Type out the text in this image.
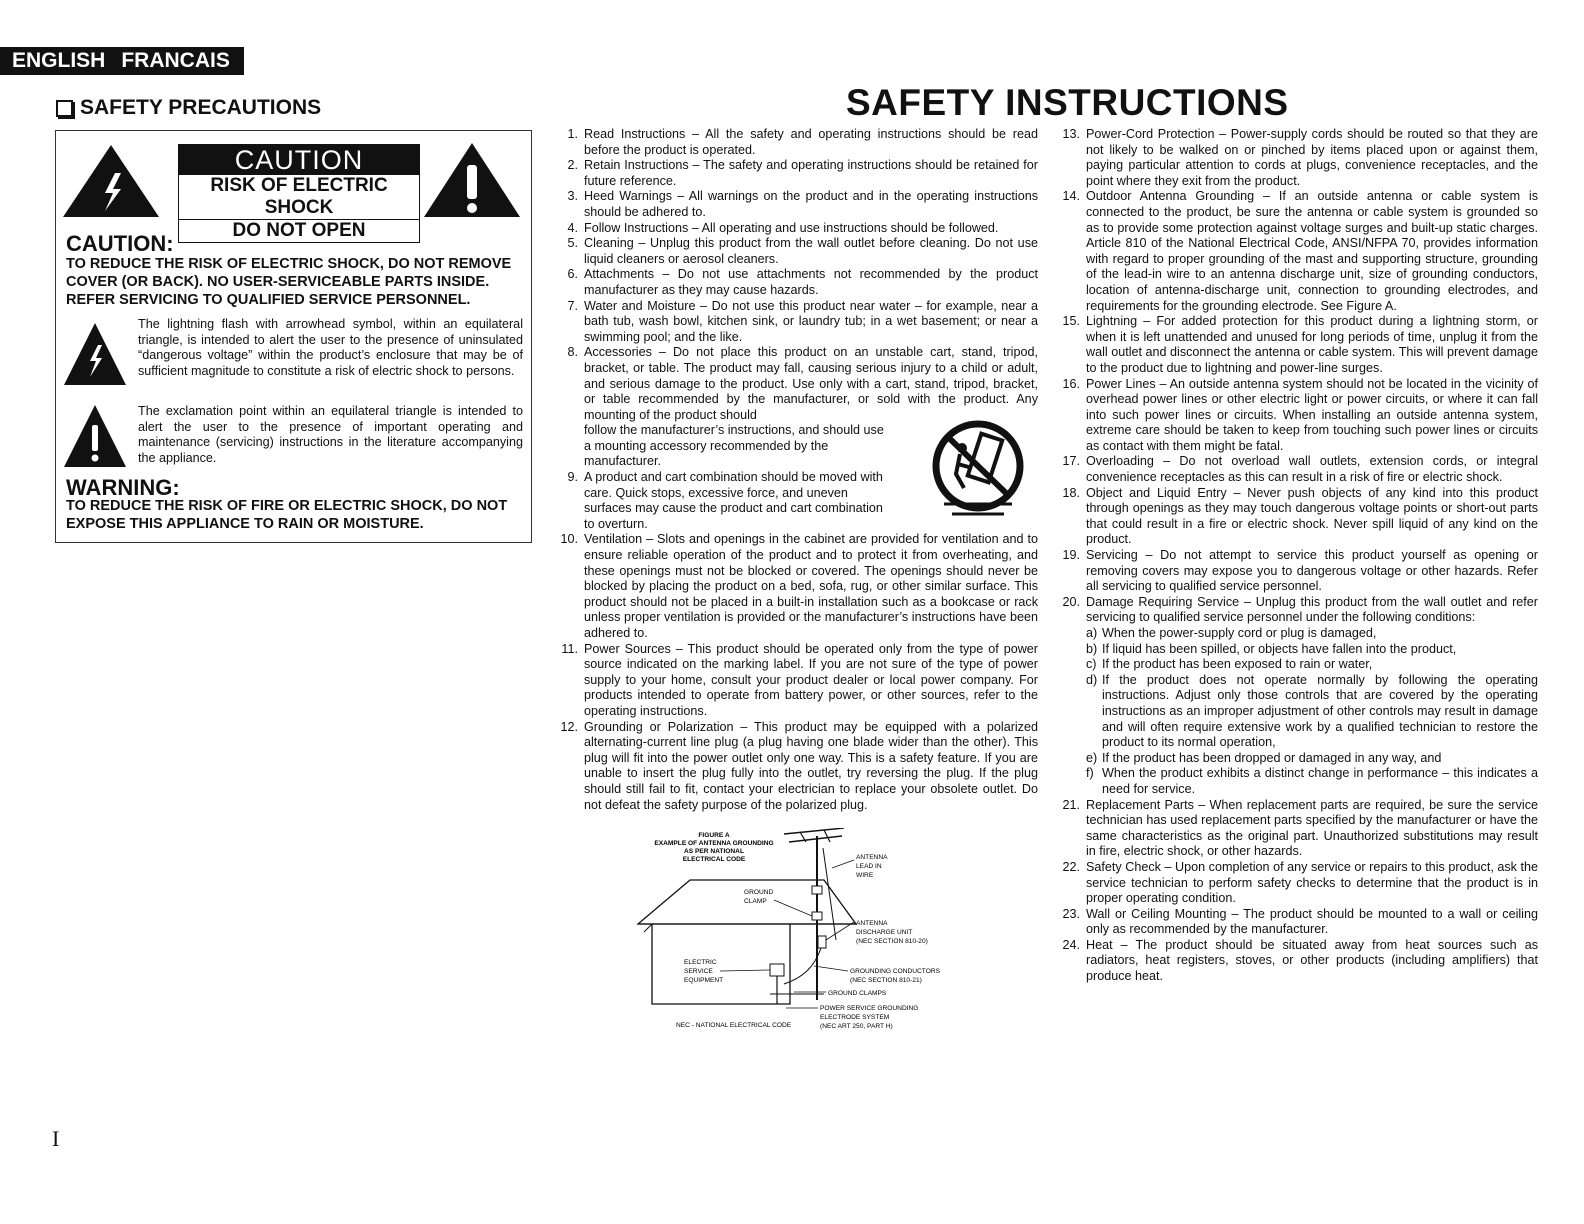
ENGLISH FRANCAIS
SAFETY PRECAUTIONS	SAFETY INSTRUCTIONS
CAUTION
RISK OF ELECTRIC SHOCK
DO NOT OPEN
CAUTION:
TO REDUCE THE RISK OF ELECTRIC SHOCK, DO NOT REMOVE COVER (OR BACK). NO USER-SERVICEABLE PARTS INSIDE. REFER SERVICING TO QUALIFIED SERVICE PERSONNEL.
The lightning flash with arrowhead symbol, within an equilateral triangle, is intended to alert the user to the presence of uninsulated “dangerous voltage” within the product’s enclosure that may be of sufficient magnitude to constitute a risk of electric shock to persons.
The exclamation point within an equilateral triangle is intended to alert the user to the presence of important operating and maintenance (servicing) instructions in the literature accompanying the appliance.
WARNING:
TO REDUCE THE RISK OF FIRE OR ELECTRIC SHOCK, DO NOT EXPOSE THIS APPLIANCE TO RAIN OR MOISTURE.
1. Read Instructions – All the safety and operating instructions should be read before the product is operated.
2. Retain Instructions – The safety and operating instructions should be retained for future reference.
3. Heed Warnings – All warnings on the product and in the operating instructions should be adhered to.
4. Follow Instructions – All operating and use instructions should be followed.
5. Cleaning – Unplug this product from the wall outlet before cleaning. Do not use liquid cleaners or aerosol cleaners.
6. Attachments – Do not use attachments not recommended by the product manufacturer as they may cause hazards.
7. Water and Moisture – Do not use this product near water – for example, near a bath tub, wash bowl, kitchen sink, or laundry tub; in a wet basement; or near a swimming pool; and the like.
8. Accessories – Do not place this product on an unstable cart, stand, tripod, bracket, or table. The product may fall, causing serious injury to a child or adult, and serious damage to the product. Use only with a cart, stand, tripod, bracket, or table recommended by the manufacturer, or sold with the product. Any mounting of the product should
follow the manufacturer’s instructions, and should use a mounting accessory recommended by the manufacturer.
9. A product and cart combination should be moved with care. Quick stops, excessive force, and uneven surfaces may cause the product and cart combination to overturn.
10. Ventilation – Slots and openings in the cabinet are provided for ventilation and to ensure reliable operation of the product and to protect it from overheating, and these openings must not be blocked or covered. The openings should never be blocked by placing the product on a bed, sofa, rug, or other similar surface. This product should not be placed in a built-in installation such as a bookcase or rack unless proper ventilation is provided or the manufacturer’s instructions have been adhered to.
11. Power Sources – This product should be operated only from the type of power source indicated on the marking label. If you are not sure of the type of power supply to your home, consult your product dealer or local power company. For products intended to operate from battery power, or other sources, refer to the operating instructions.
12. Grounding or Polarization – This product may be equipped with a polarized alternating-current line plug (a plug having one blade wider than the other). This plug will fit into the power outlet only one way. This is a safety feature. If you are unable to insert the plug fully into the outlet, try reversing the plug. If the plug should still fail to fit, contact your electrician to replace your obsolete outlet. Do not defeat the safety purpose of the polarized plug.
FIGURE A
EXAMPLE OF ANTENNA GROUNDING
AS PER NATIONAL
ELECTRICAL CODE	ANTENNA
LEAD IN
WIRE
GROUND
CLAMP
ANTENNA
DISCHARGE UNIT
(NEC SECTION 810-20)
ELECTRIC
SERVICE
EQUIPMENT
GROUNDING CONDUCTORS
(NEC SECTION 810-21)
GROUND CLAMPS
POWER SERVICE GROUNDING
ELECTRODE SYSTEM
(NEC ART 250, PART H)
NEC - NATIONAL ELECTRICAL CODE
13. Power-Cord Protection – Power-supply cords should be routed so that they are not likely to be walked on or pinched by items placed upon or against them, paying particular attention to cords at plugs, convenience receptacles, and the point where they exit from the product.
14. Outdoor Antenna Grounding – If an outside antenna or cable system is connected to the product, be sure the antenna or cable system is grounded so as to provide some protection against voltage surges and built-up static charges. Article 810 of the National Electrical Code, ANSI/NFPA 70, provides information with regard to proper grounding of the mast and supporting structure, grounding of the lead-in wire to an antenna discharge unit, size of grounding conductors, location of antenna-discharge unit, connection to grounding electrodes, and requirements for the grounding electrode. See Figure A.
15. Lightning – For added protection for this product during a lightning storm, or when it is left unattended and unused for long periods of time, unplug it from the wall outlet and disconnect the antenna or cable system. This will prevent damage to the product due to lightning and power-line surges.
16. Power Lines – An outside antenna system should not be located in the vicinity of overhead power lines or other electric light or power circuits, or where it can fall into such power lines or circuits. When installing an outside antenna system, extreme care should be taken to keep from touching such power lines or circuits as contact with them might be fatal.
17. Overloading – Do not overload wall outlets, extension cords, or integral convenience receptacles as this can result in a risk of fire or electric shock.
18. Object and Liquid Entry – Never push objects of any kind into this product through openings as they may touch dangerous voltage points or short-out parts that could result in a fire or electric shock. Never spill liquid of any kind on the product.
19. Servicing – Do not attempt to service this product yourself as opening or removing covers may expose you to dangerous voltage or other hazards. Refer all servicing to qualified service personnel.
20. Damage Requiring Service – Unplug this product from the wall outlet and refer servicing to qualified service personnel under the following conditions:
a) When the power-supply cord or plug is damaged,
b) If liquid has been spilled, or objects have fallen into the product,
c) If the product has been exposed to rain or water,
d) If the product does not operate normally by following the operating instructions. Adjust only those controls that are covered by the operating instructions as an improper adjustment of other controls may result in damage and will often require extensive work by a qualified technician to restore the product to its normal operation,
e) If the product has been dropped or damaged in any way, and
f) When the product exhibits a distinct change in performance – this indicates a need for service.
21. Replacement Parts – When replacement parts are required, be sure the service technician has used replacement parts specified by the manufacturer or have the same characteristics as the original part. Unauthorized substitutions may result in fire, electric shock, or other hazards.
22. Safety Check – Upon completion of any service or repairs to this product, ask the service technician to perform safety checks to determine that the product is in proper operating condition.
23. Wall or Ceiling Mounting – The product should be mounted to a wall or ceiling only as recommended by the manufacturer.
24. Heat – The product should be situated away from heat sources such as radiators, heat registers, stoves, or other products (including amplifiers) that produce heat.
I
